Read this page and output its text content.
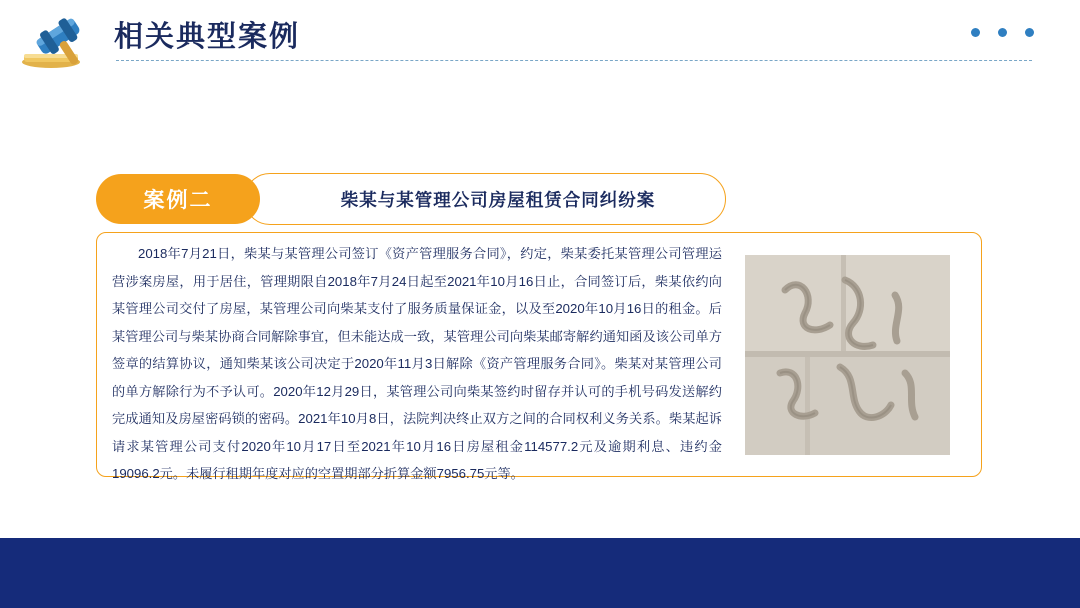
相关典型案例
柴某与某管理公司房屋租赁合同纠纷案
案例二
2018年7月21日，柴某与某管理公司签订《资产管理服务合同》，约定，柴某委托某管理公司管理运营涉案房屋，用于居住，管理期限自2018年7月24日起至2021年10月16日止，合同签订后，柴某依约向某管理公司交付了房屋，某管理公司向柴某支付了服务质量保证金，以及至2020年10月16日的租金。后某管理公司与柴某协商合同解除事宜，但未能达成一致，某管理公司向柴某邮寄解约通知函及该公司单方签章的结算协议，通知柴某该公司决定于2020年11月3日解除《资产管理服务合同》。柴某对某管理公司的单方解除行为不予认可。2020年12月29日，某管理公司向柴某签约时留存并认可的手机号码发送解约完成通知及房屋密码锁的密码。2021年10月8日，法院判决终止双方之间的合同权利义务关系。柴某起诉请求某管理公司支付2020年10月17日至2021年10月16日房屋租金114577.2元及逾期利息、违约金19096.2元。未履行租期年度对应的空置期部分折算金额7956.75元等。
